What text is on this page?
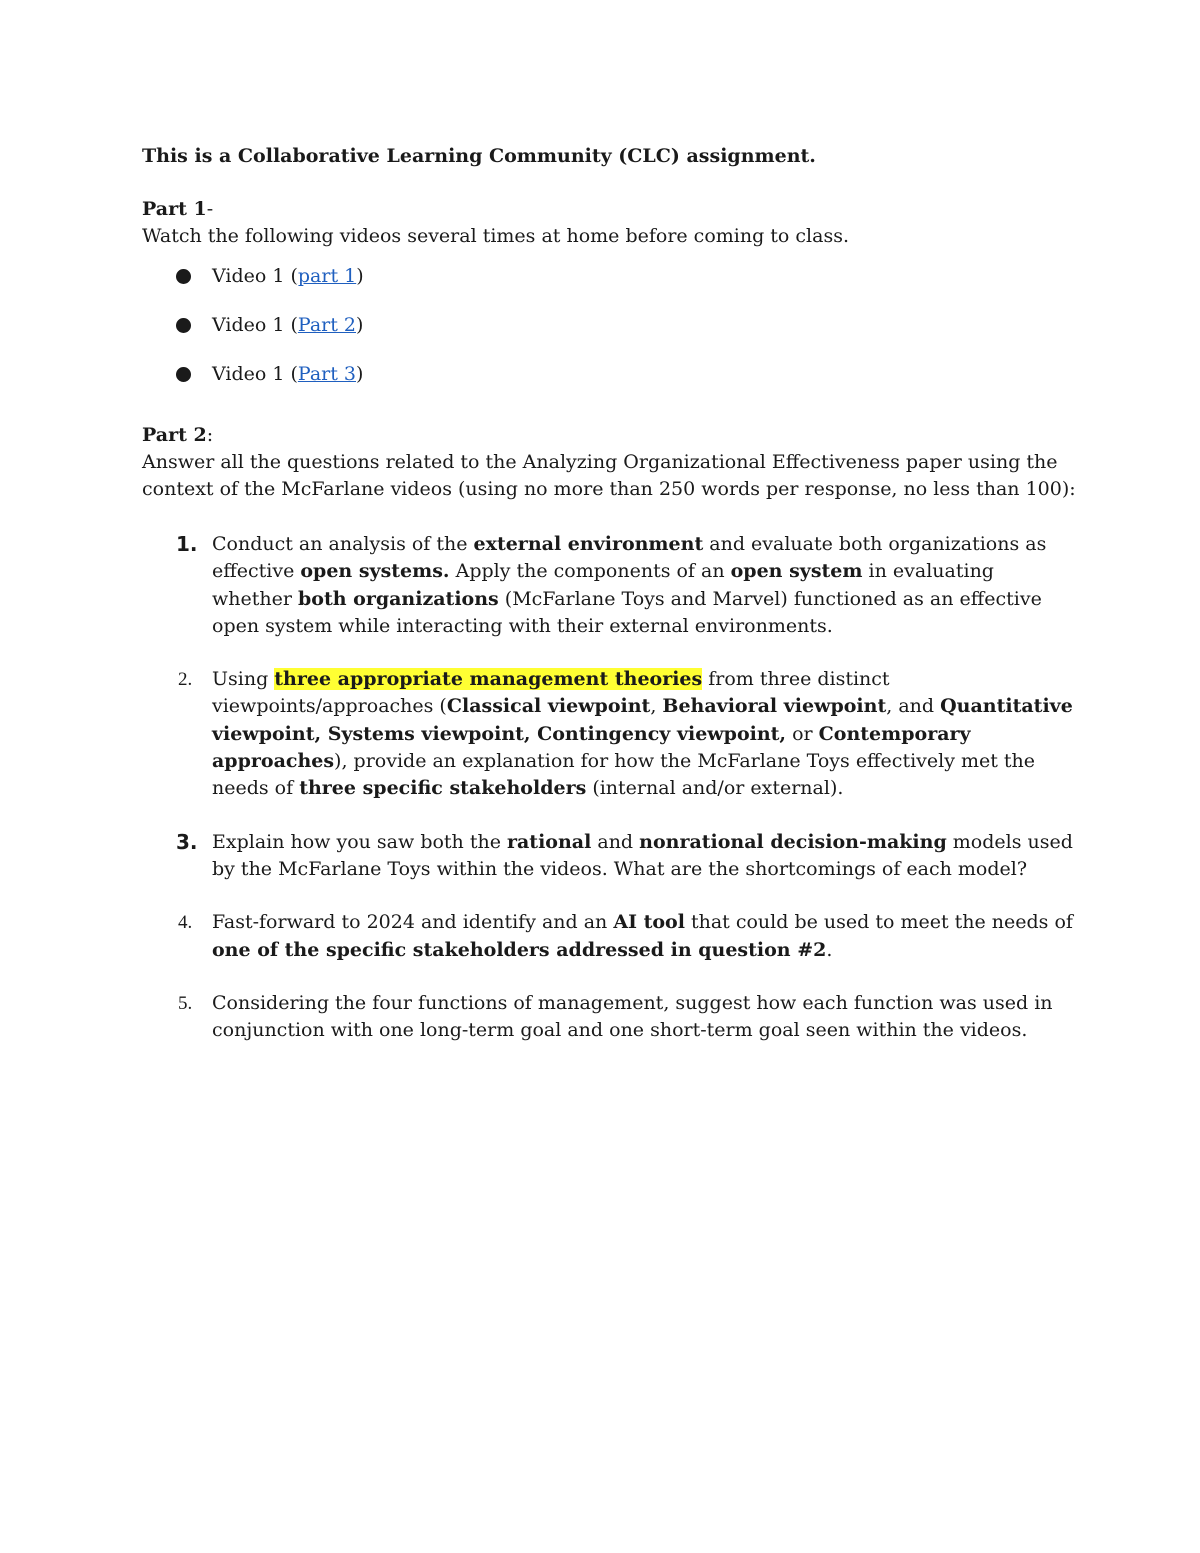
This is a Collaborative Learning Community (CLC) assignment.
Part 1-
Watch the following videos several times at home before coming to class.
Video 1 (part 1)
Video 1 (Part 2)
Video 1 (Part 3)
Part 2:
Answer all the questions related to the Analyzing Organizational Effectiveness paper using the context of the McFarlane videos (using no more than 250 words per response, no less than 100):
1. Conduct an analysis of the external environment and evaluate both organizations as effective open systems. Apply the components of an open system in evaluating whether both organizations (McFarlane Toys and Marvel) functioned as an effective open system while interacting with their external environments.
2. Using three appropriate management theories from three distinct viewpoints/approaches (Classical viewpoint, Behavioral viewpoint, and Quantitative viewpoint, Systems viewpoint, Contingency viewpoint, or Contemporary approaches), provide an explanation for how the McFarlane Toys effectively met the needs of three specific stakeholders (internal and/or external).
3. Explain how you saw both the rational and nonrational decision-making models used by the McFarlane Toys within the videos. What are the shortcomings of each model?
4. Fast-forward to 2024 and identify and an AI tool that could be used to meet the needs of one of the specific stakeholders addressed in question #2.
5. Considering the four functions of management, suggest how each function was used in conjunction with one long-term goal and one short-term goal seen within the videos.
